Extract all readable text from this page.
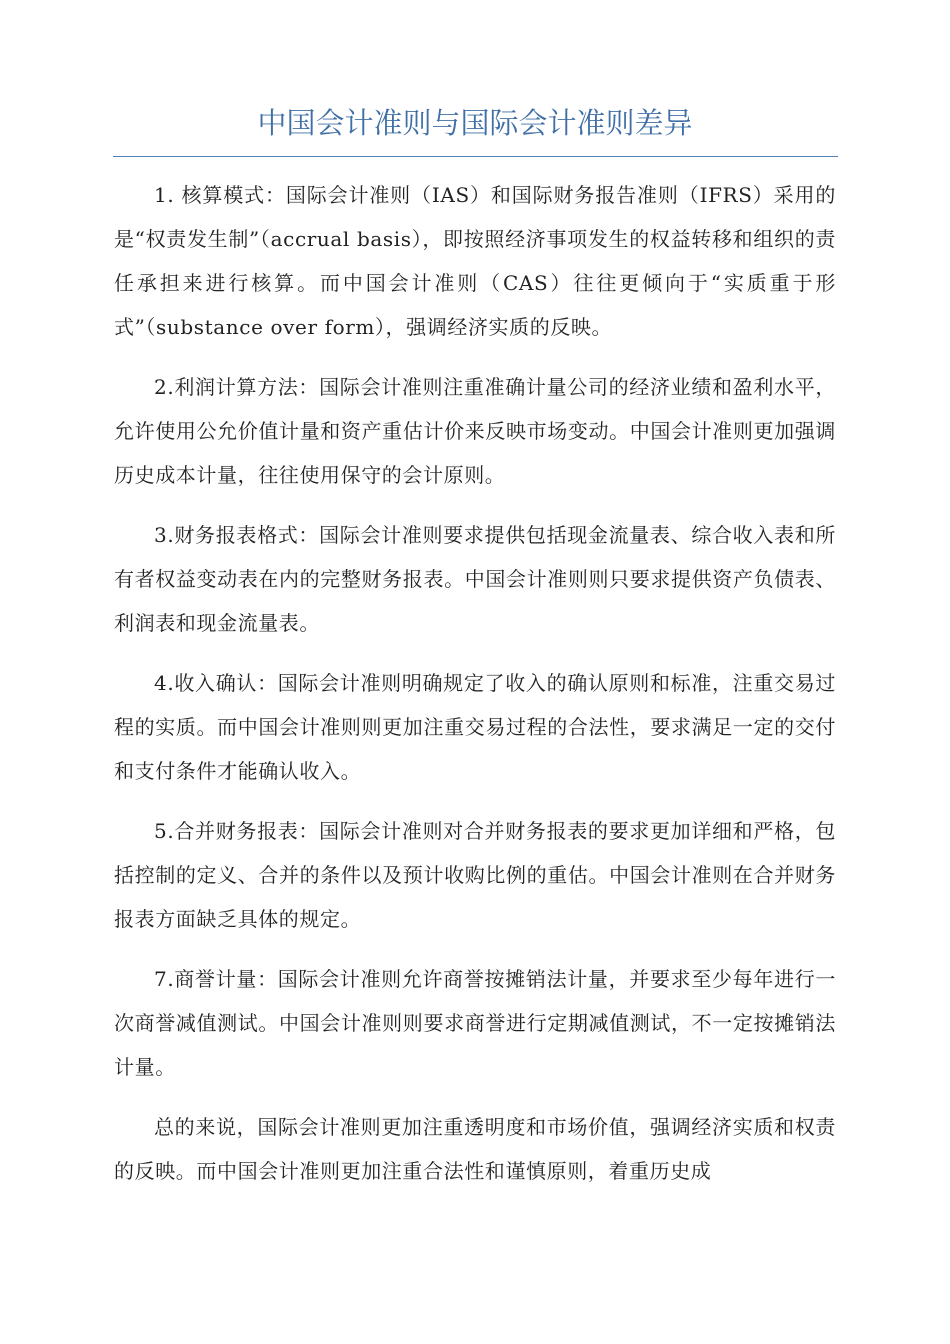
中国会计准则与国际会计准则差异

1. 核算模式：国际会计准则（IAS）和国际财务报告准则（IFRS）采用的是“权责发生制”（accrual basis），即按照经济事项发生的权益转移和组织的责任承担来进行核算。而中国会计准则（CAS）往往更倾向于“实质重于形式”（substance over form），强调经济实质的反映。

2.利润计算方法：国际会计准则注重准确计量公司的经济业绩和盈利水平，允许使用公允价值计量和资产重估计价来反映市场变动。中国会计准则更加强调历史成本计量，往往使用保守的会计原则。

3.财务报表格式：国际会计准则要求提供包括现金流量表、综合收入表和所有者权益变动表在内的完整财务报表。中国会计准则则只要求提供资产负债表、利润表和现金流量表。

4.收入确认：国际会计准则明确规定了收入的确认原则和标准，注重交易过程的实质。而中国会计准则则更加注重交易过程的合法性，要求满足一定的交付和支付条件才能确认收入。

5.合并财务报表：国际会计准则对合并财务报表的要求更加详细和严格，包括控制的定义、合并的条件以及预计收购比例的重估。中国会计准则在合并财务报表方面缺乏具体的规定。

7.商誉计量：国际会计准则允许商誉按摊销法计量，并要求至少每年进行一次商誉减值测试。中国会计准则则要求商誉进行定期减值测试，不一定按摊销法计量。

总的来说，国际会计准则更加注重透明度和市场价值，强调经济实质和权责的反映。而中国会计准则更加注重合法性和谨慎原则，着重历史成
